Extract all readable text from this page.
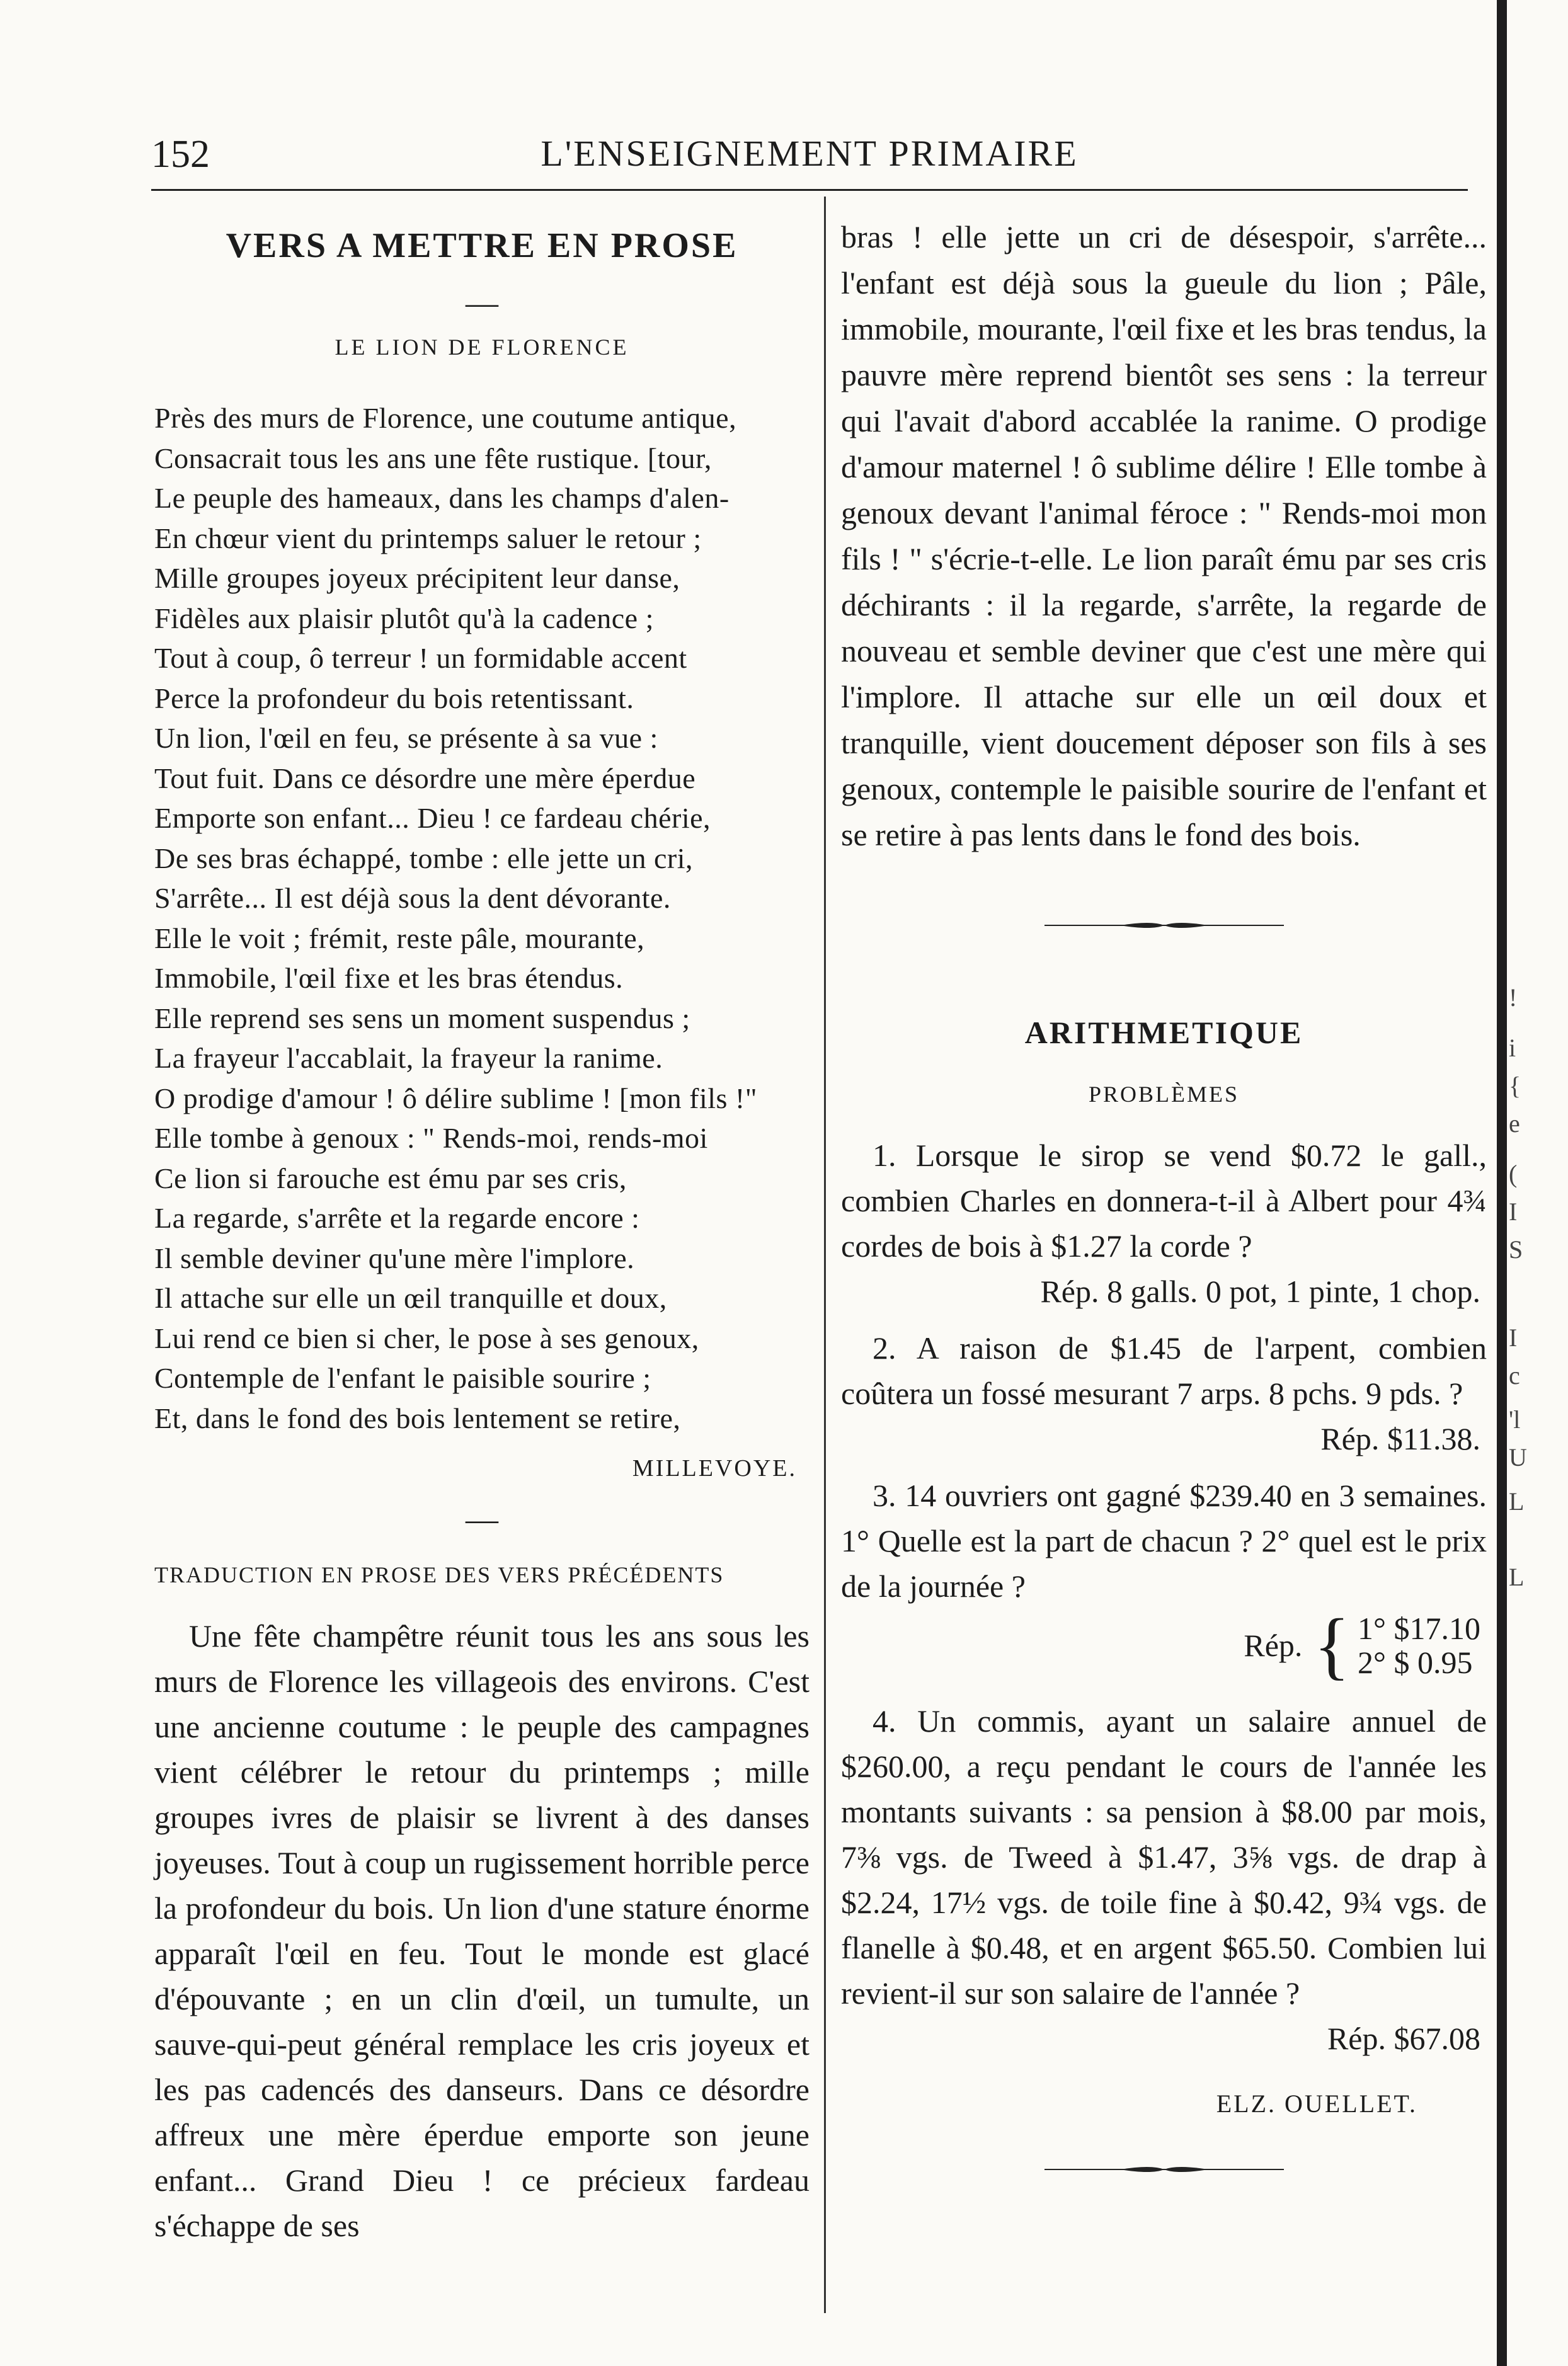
152	L'ENSEIGNEMENT PRIMAIRE
VERS A METTRE EN PROSE
—
LE LION DE FLORENCE
Près des murs de Florence, une coutume antique,
Consacrait tous les ans une fête rustique. [tour,
Le peuple des hameaux, dans les champs d'alen-
En chœur vient du printemps saluer le retour ;
Mille groupes joyeux précipitent leur danse,
Fidèles aux plaisir plutôt qu'à la cadence ;
Tout à coup, ô terreur ! un formidable accent
Perce la profondeur du bois retentissant.
Un lion, l'œil en feu, se présente à sa vue :
Tout fuit. Dans ce désordre une mère éperdue
Emporte son enfant... Dieu ! ce fardeau chérie,
De ses bras échappé, tombe : elle jette un cri,
S'arrête... Il est déjà sous la dent dévorante.
Elle le voit ; frémit, reste pâle, mourante,
Immobile, l'œil fixe et les bras étendus.
Elle reprend ses sens un moment suspendus ;
La frayeur l'accablait, la frayeur la ranime.
O prodige d'amour ! ô délire sublime ! [mon fils !"
Elle tombe à genoux : " Rends-moi, rends-moi
Ce lion si farouche est ému par ses cris,
La regarde, s'arrête et la regarde encore :
Il semble deviner qu'une mère l'implore.
Il attache sur elle un œil tranquille et doux,
Lui rend ce bien si cher, le pose à ses genoux,
Contemple de l'enfant le paisible sourire ;
Et, dans le fond des bois lentement se retire,
MILLEVOYE.
—
TRADUCTION EN PROSE DES VERS PRÉCÉDENTS

Une fête champêtre réunit tous les ans sous les murs de Florence les villageois des environs. C'est une ancienne coutume : le peuple des campagnes vient célébrer le retour du printemps ; mille groupes ivres de plaisir se livrent à des danses joyeuses. Tout à coup un rugissement horrible perce la profondeur du bois. Un lion d'une stature énorme apparaît l'œil en feu. Tout le monde est glacé d'épouvante ; en un clin d'œil, un tumulte, un sauve-qui-peut général remplace les cris joyeux et les pas cadencés des danseurs. Dans ce désordre affreux une mère éperdue emporte son jeune enfant... Grand Dieu ! ce précieux fardeau s'échappe de ses

bras ! elle jette un cri de désespoir, s'arrête... l'enfant est déjà sous la gueule du lion ; Pâle, immobile, mourante, l'œil fixe et les bras tendus, la pauvre mère reprend bientôt ses sens : la terreur qui l'avait d'abord accablée la ranime. O prodige d'amour maternel ! ô sublime délire ! Elle tombe à genoux devant l'animal féroce : " Rends-moi mon fils ! " s'écrie-t-elle. Le lion paraît ému par ses cris déchirants : il la regarde, s'arrête, la regarde de nouveau et semble deviner que c'est une mère qui l'implore. Il attache sur elle un œil doux et tranquille, vient doucement déposer son fils à ses genoux, contemple le paisible sourire de l'enfant et se retire à pas lents dans le fond des bois.

ARITHMETIQUE
PROBLÈMES

1. Lorsque le sirop se vend $0.72 le gall., combien Charles en donnera-t-il à Albert pour 4¾ cordes de bois à $1.27 la corde ?

Rép. 8 galls. 0 pot, 1 pinte, 1 chop.

2. A raison de $1.45 de l'arpent, combien coûtera un fossé mesurant 7 arps. 8 pchs. 9 pds. ?

Rép. $11.38.

3. 14 ouvriers ont gagné $239.40 en 3 semaines. 1° Quelle est la part de chacun ? 2° quel est le prix de la journée ?

Rép. { 1° $17.10
2° $ 0.95

4. Un commis, ayant un salaire annuel de $260.00, a reçu pendant le cours de l'année les montants suivants : sa pension à $8.00 par mois, 7⅜ vgs. de Tweed à $1.47, 3⅝ vgs. de drap à $2.24, 17½ vgs. de toile fine à $0.42, 9¾ vgs. de flanelle à $0.48, et en argent $65.50. Combien lui revient-il sur son salaire de l'année ?

Rép. $67.08
ELZ. OUELLET.
!
i
{
e
(
I
S
I
c
'l
U
L
L
